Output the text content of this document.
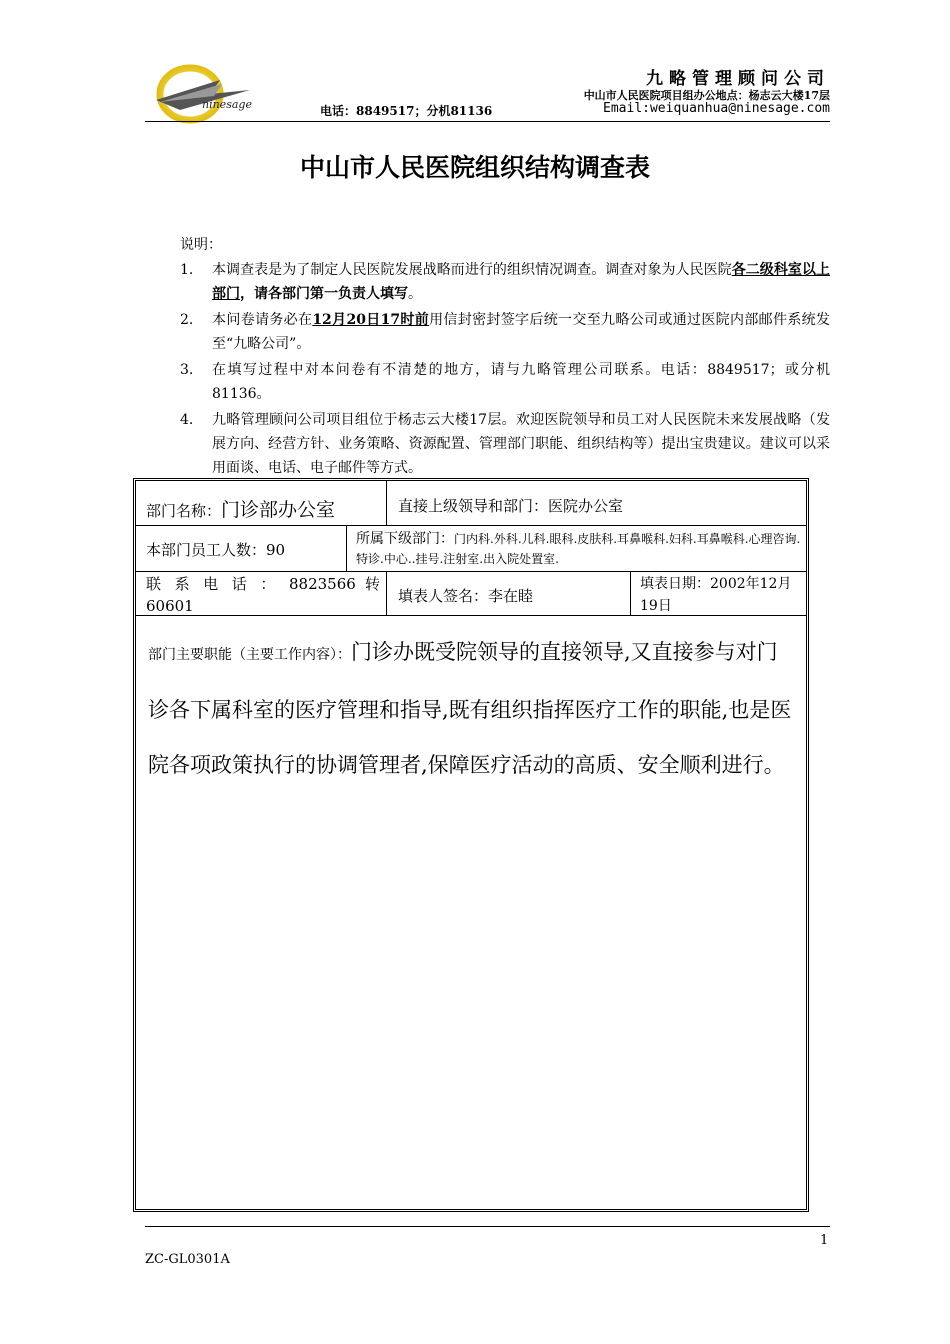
ninesage
九略管理顾问公司
中山市人民医院项目组办公地点：杨志云大楼17层
电话：8849517；分机81136	Email:weiquanhua@ninesage.com
中山市人民医院组织结构调查表
说明：
1. 本调查表是为了制定人民医院发展战略而进行的组织情况调查。调查对象为人民医院各二级科室以上部门，请各部门第一负责人填写。
2. 本问卷请务必在12月20日17时前用信封密封签字后统一交至九略公司或通过医院内部邮件系统发至“九略公司”。
3. 在填写过程中对本问卷有不清楚的地方，请与九略管理公司联系。电话：8849517；或分机81136。
4. 九略管理顾问公司项目组位于杨志云大楼17层。欢迎医院领导和员工对人民医院未来发展战略（发展方向、经营方针、业务策略、资源配置、管理部门职能、组织结构等）提出宝贵建议。建议可以采用面谈、电话、电子邮件等方式。
部门名称：门诊部办公室	直接上级领导和部门：医院办公室
本部门员工人数：90
所属下级部门：门内科.外科.儿科.眼科.皮肤科.耳鼻喉科.妇科.耳鼻喉科.心理咨询.特诊.中心..挂号.注射室.出入院处置室.
联 系 电 话 ： 8823566 转 60601
填表人签名：李在睦
填表日期：2002年12月19日
部门主要职能（主要工作内容）：门诊办既受院领导的直接领导,又直接参与对门诊各下属科室的医疗管理和指导,既有组织指挥医疗工作的职能,也是医院各项政策执行的协调管理者,保障医疗活动的高质、安全顺利进行。
1
ZC-GL0301A
